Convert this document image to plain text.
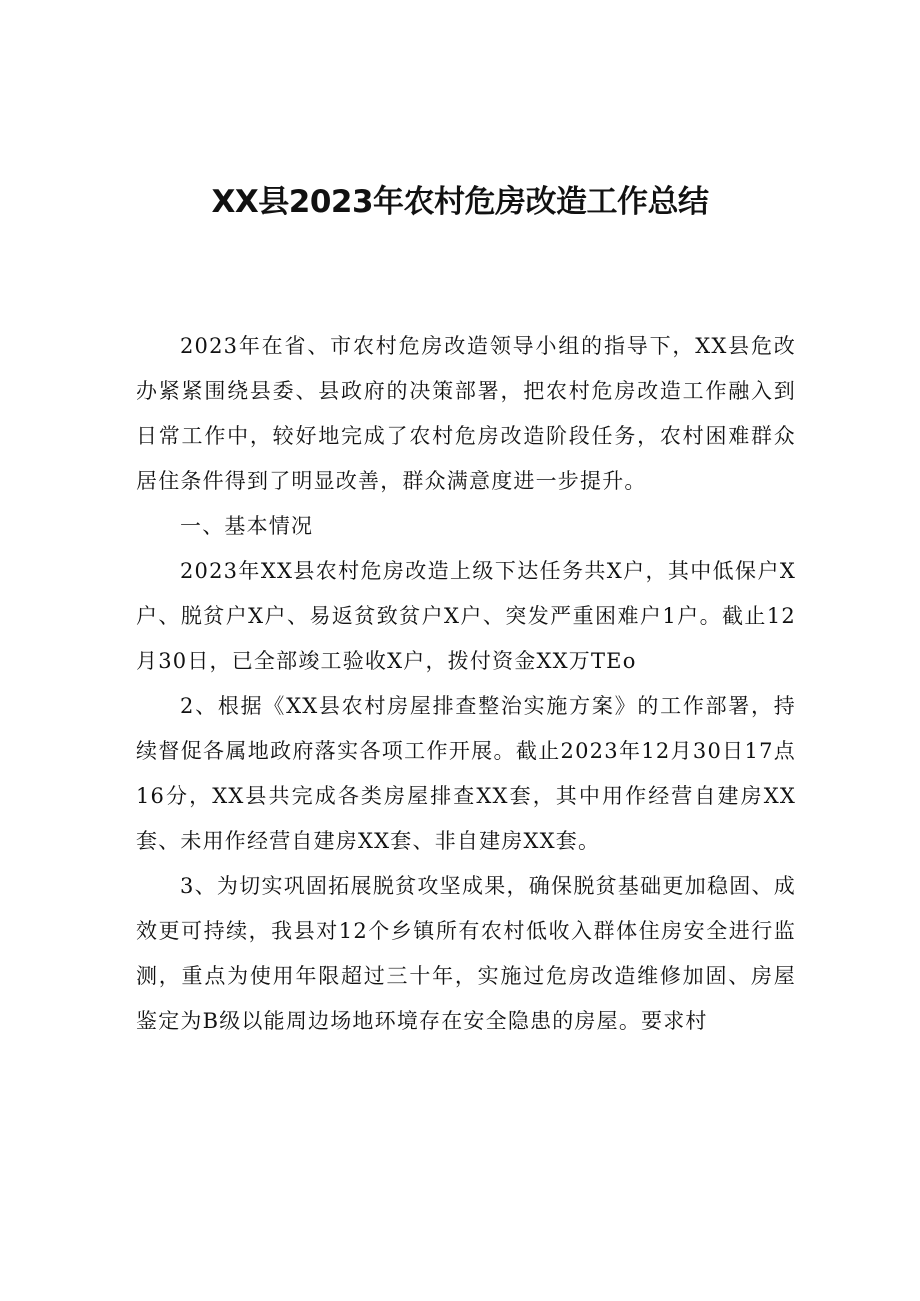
XX县2023年农村危房改造工作总结

2023年在省、市农村危房改造领导小组的指导下，XX县危改办紧紧围绕县委、县政府的决策部署，把农村危房改造工作融入到日常工作中，较好地完成了农村危房改造阶段任务，农村困难群众居住条件得到了明显改善，群众满意度进一步提升。

一、基本情况

2023年XX县农村危房改造上级下达任务共X户，其中低保户X户、脱贫户X户、易返贫致贫户X户、突发严重困难户1户。截止12月30日，已全部竣工验收X户，拨付资金XX万TEo

2、根据《XX县农村房屋排查整治实施方案》的工作部署，持续督促各属地政府落实各项工作开展。截止2023年12月30日17点16分，XX县共完成各类房屋排查XX套，其中用作经营自建房XX套、未用作经营自建房XX套、非自建房XX套。

3、为切实巩固拓展脱贫攻坚成果，确保脱贫基础更加稳固、成效更可持续，我县对12个乡镇所有农村低收入群体住房安全进行监测，重点为使用年限超过三十年，实施过危房改造维修加固、房屋鉴定为B级以能周边场地环境存在安全隐患的房屋。要求村
